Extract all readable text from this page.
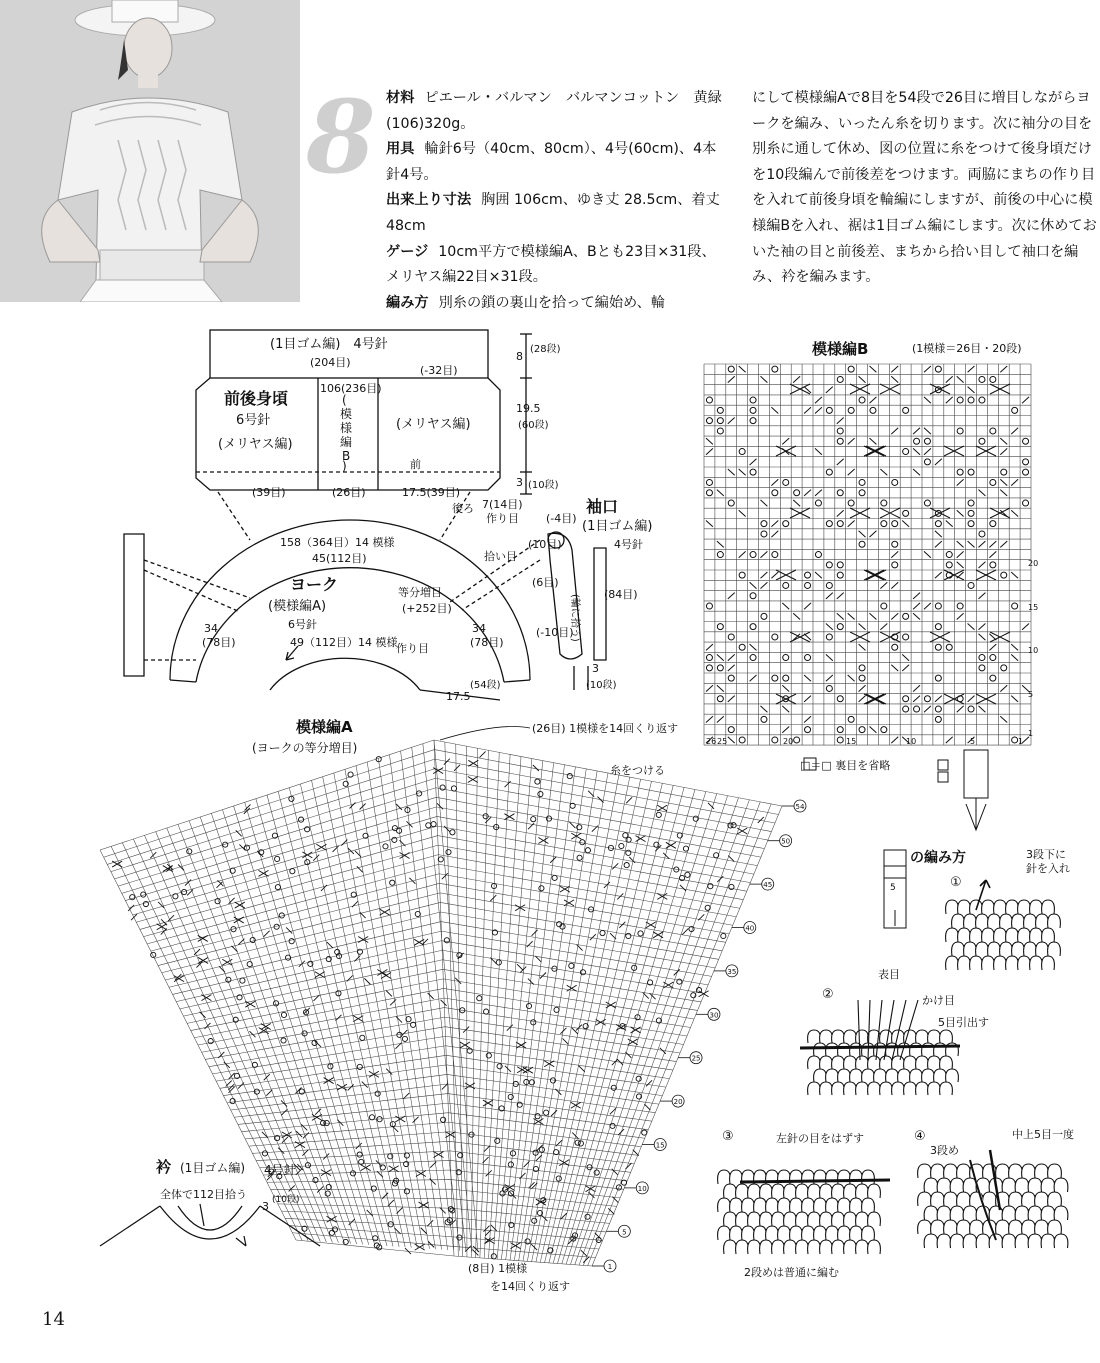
8 材料 ピエール・バルマン　バルマンコットン　黄緑(106)320g。

用具 輪針6号（40cm、80cm）、4号(60cm)、4本針4号。

出来上り寸法 胸囲 106cm、ゆき丈 28.5cm、着丈48cm

ゲージ 10cm平方で模様編A、Bとも23目×31段、メリヤス編22目×31段。

編み方 別糸の鎖の裏山を拾って編始め、輪

にして模様編Aで8目を54段で26目に増目しながらヨークを編み、いったん糸を切ります。次に袖分の目を別糸に通して休め、図の位置に糸をつけて後身頃だけを10段編んで前後差をつけます。両脇にまちの作り目を入れて前後身頃を輪編にしますが、前後の中心に模様編Bを入れ、裾は1目ゴム編にします。次に休めておいた袖の目と前後差、まちから拾い目して袖口を編み、衿を編みます。

(1目ゴム編)　4号針
(204目)
(-32目)
106(236目)
前後身頃
6号針
(メリヤス編)
(
模
様
編
B
)
(メリヤス編)
前
(39目)	(26目)	17.5(39目)
後ろ 7(14目)
作り目
8
(28段)
19.5
(60段)
3 (10段)
158（364目）14 模様
45(112目)
ヨーク
(模様編A)
6号針
等分増目
(+252目)
49（112目）14 模様
作り目
34
(78目)
34
(78目)
17.5
(54段)
袖口
(1目ゴム編)
4号針
(-4目)
(10目)
拾い目
(6目)
(84目)
(-10目)
(輪に拾う)
3
(10段)
模様編B	(1模様＝26目・20段)
26 25	20	15	10	5	1
20
15
10
5
1
□＝□ 裏目を省略
模様編A
(ヨークの等分増目)
(26目) 1模様を14回くり返す
糸をつける
54
50
45
40
35
30
25
20
15
10
5
1
(8目) 1模様
を14回くり返す
衿 (1目ゴム編) 4号針
全体で112目拾う
3 (10段)
5
の編み方
①
3段下に
針を入れ
②
表目
かけ目
5目引出す
③	左針の目をはずす
2段めは普通に編む
④
3段め
中上5目一度
14
